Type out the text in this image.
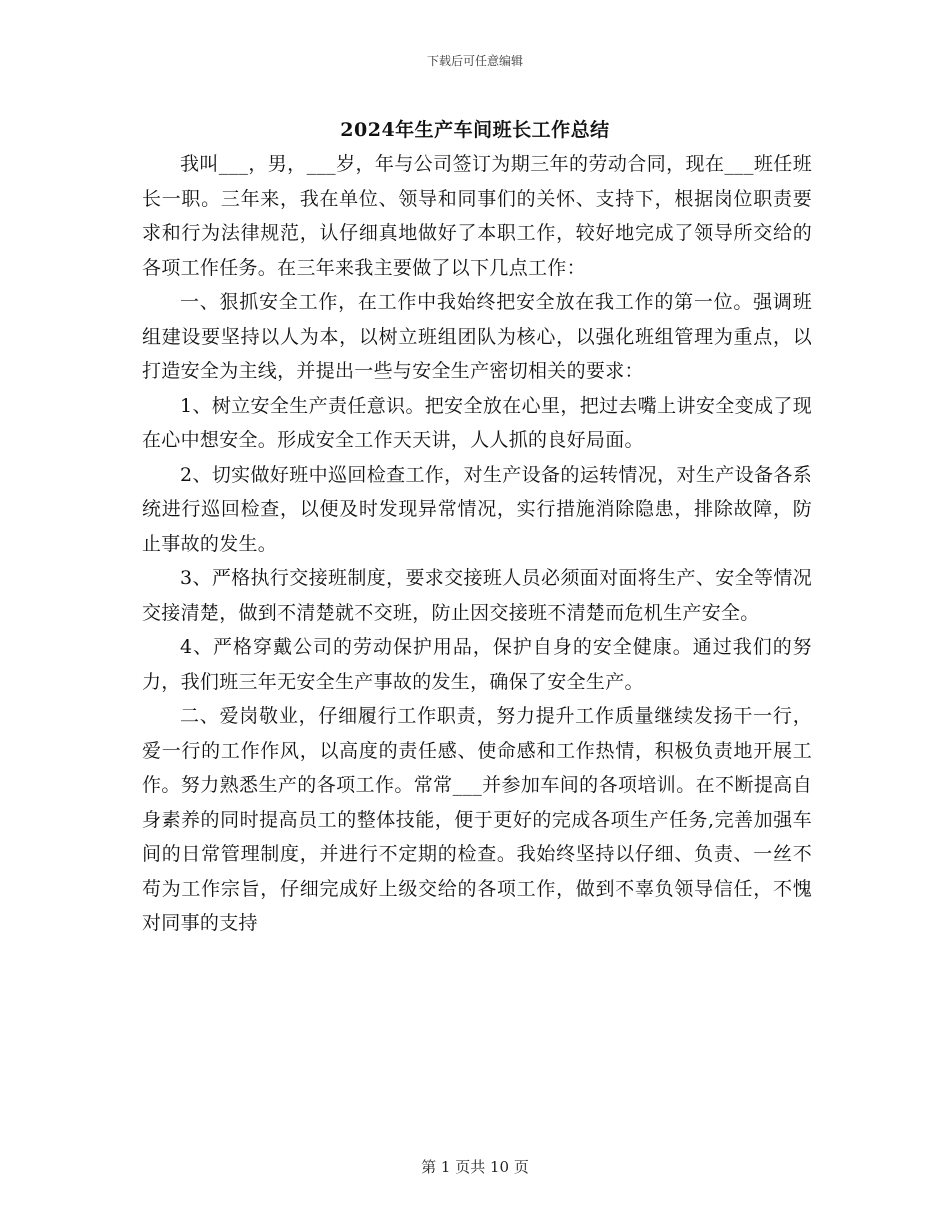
下载后可任意编辑
2024年生产车间班长工作总结

我叫___，男，___岁，年与公司签订为期三年的劳动合同，现在___班任班长一职。三年来，我在单位、领导和同事们的关怀、支持下，根据岗位职责要求和行为法律规范，认仔细真地做好了本职工作，较好地完成了领导所交给的各项工作任务。在三年来我主要做了以下几点工作：

一、狠抓安全工作，在工作中我始终把安全放在我工作的第一位。强调班组建设要坚持以人为本，以树立班组团队为核心，以强化班组管理为重点，以打造安全为主线，并提出一些与安全生产密切相关的要求：

1、树立安全生产责任意识。把安全放在心里，把过去嘴上讲安全变成了现在心中想安全。形成安全工作天天讲，人人抓的良好局面。

2、切实做好班中巡回检查工作，对生产设备的运转情况，对生产设备各系统进行巡回检查，以便及时发现异常情况，实行措施消除隐患，排除故障，防止事故的发生。

3、严格执行交接班制度，要求交接班人员必须面对面将生产、安全等情况交接清楚，做到不清楚就不交班，防止因交接班不清楚而危机生产安全。

4、严格穿戴公司的劳动保护用品，保护自身的安全健康。通过我们的努力，我们班三年无安全生产事故的发生，确保了安全生产。

二、爱岗敬业，仔细履行工作职责，努力提升工作质量继续发扬干一行，爱一行的工作作风，以高度的责任感、使命感和工作热情，积极负责地开展工作。努力熟悉生产的各项工作。常常___并参加车间的各项培训。在不断提高自身素养的同时提高员工的整体技能，便于更好的完成各项生产任务,完善加强车间的日常管理制度，并进行不定期的检查。我始终坚持以仔细、负责、一丝不苟为工作宗旨，仔细完成好上级交给的各项工作，做到不辜负领导信任，不愧对同事的支持

第 1 页共 10 页
